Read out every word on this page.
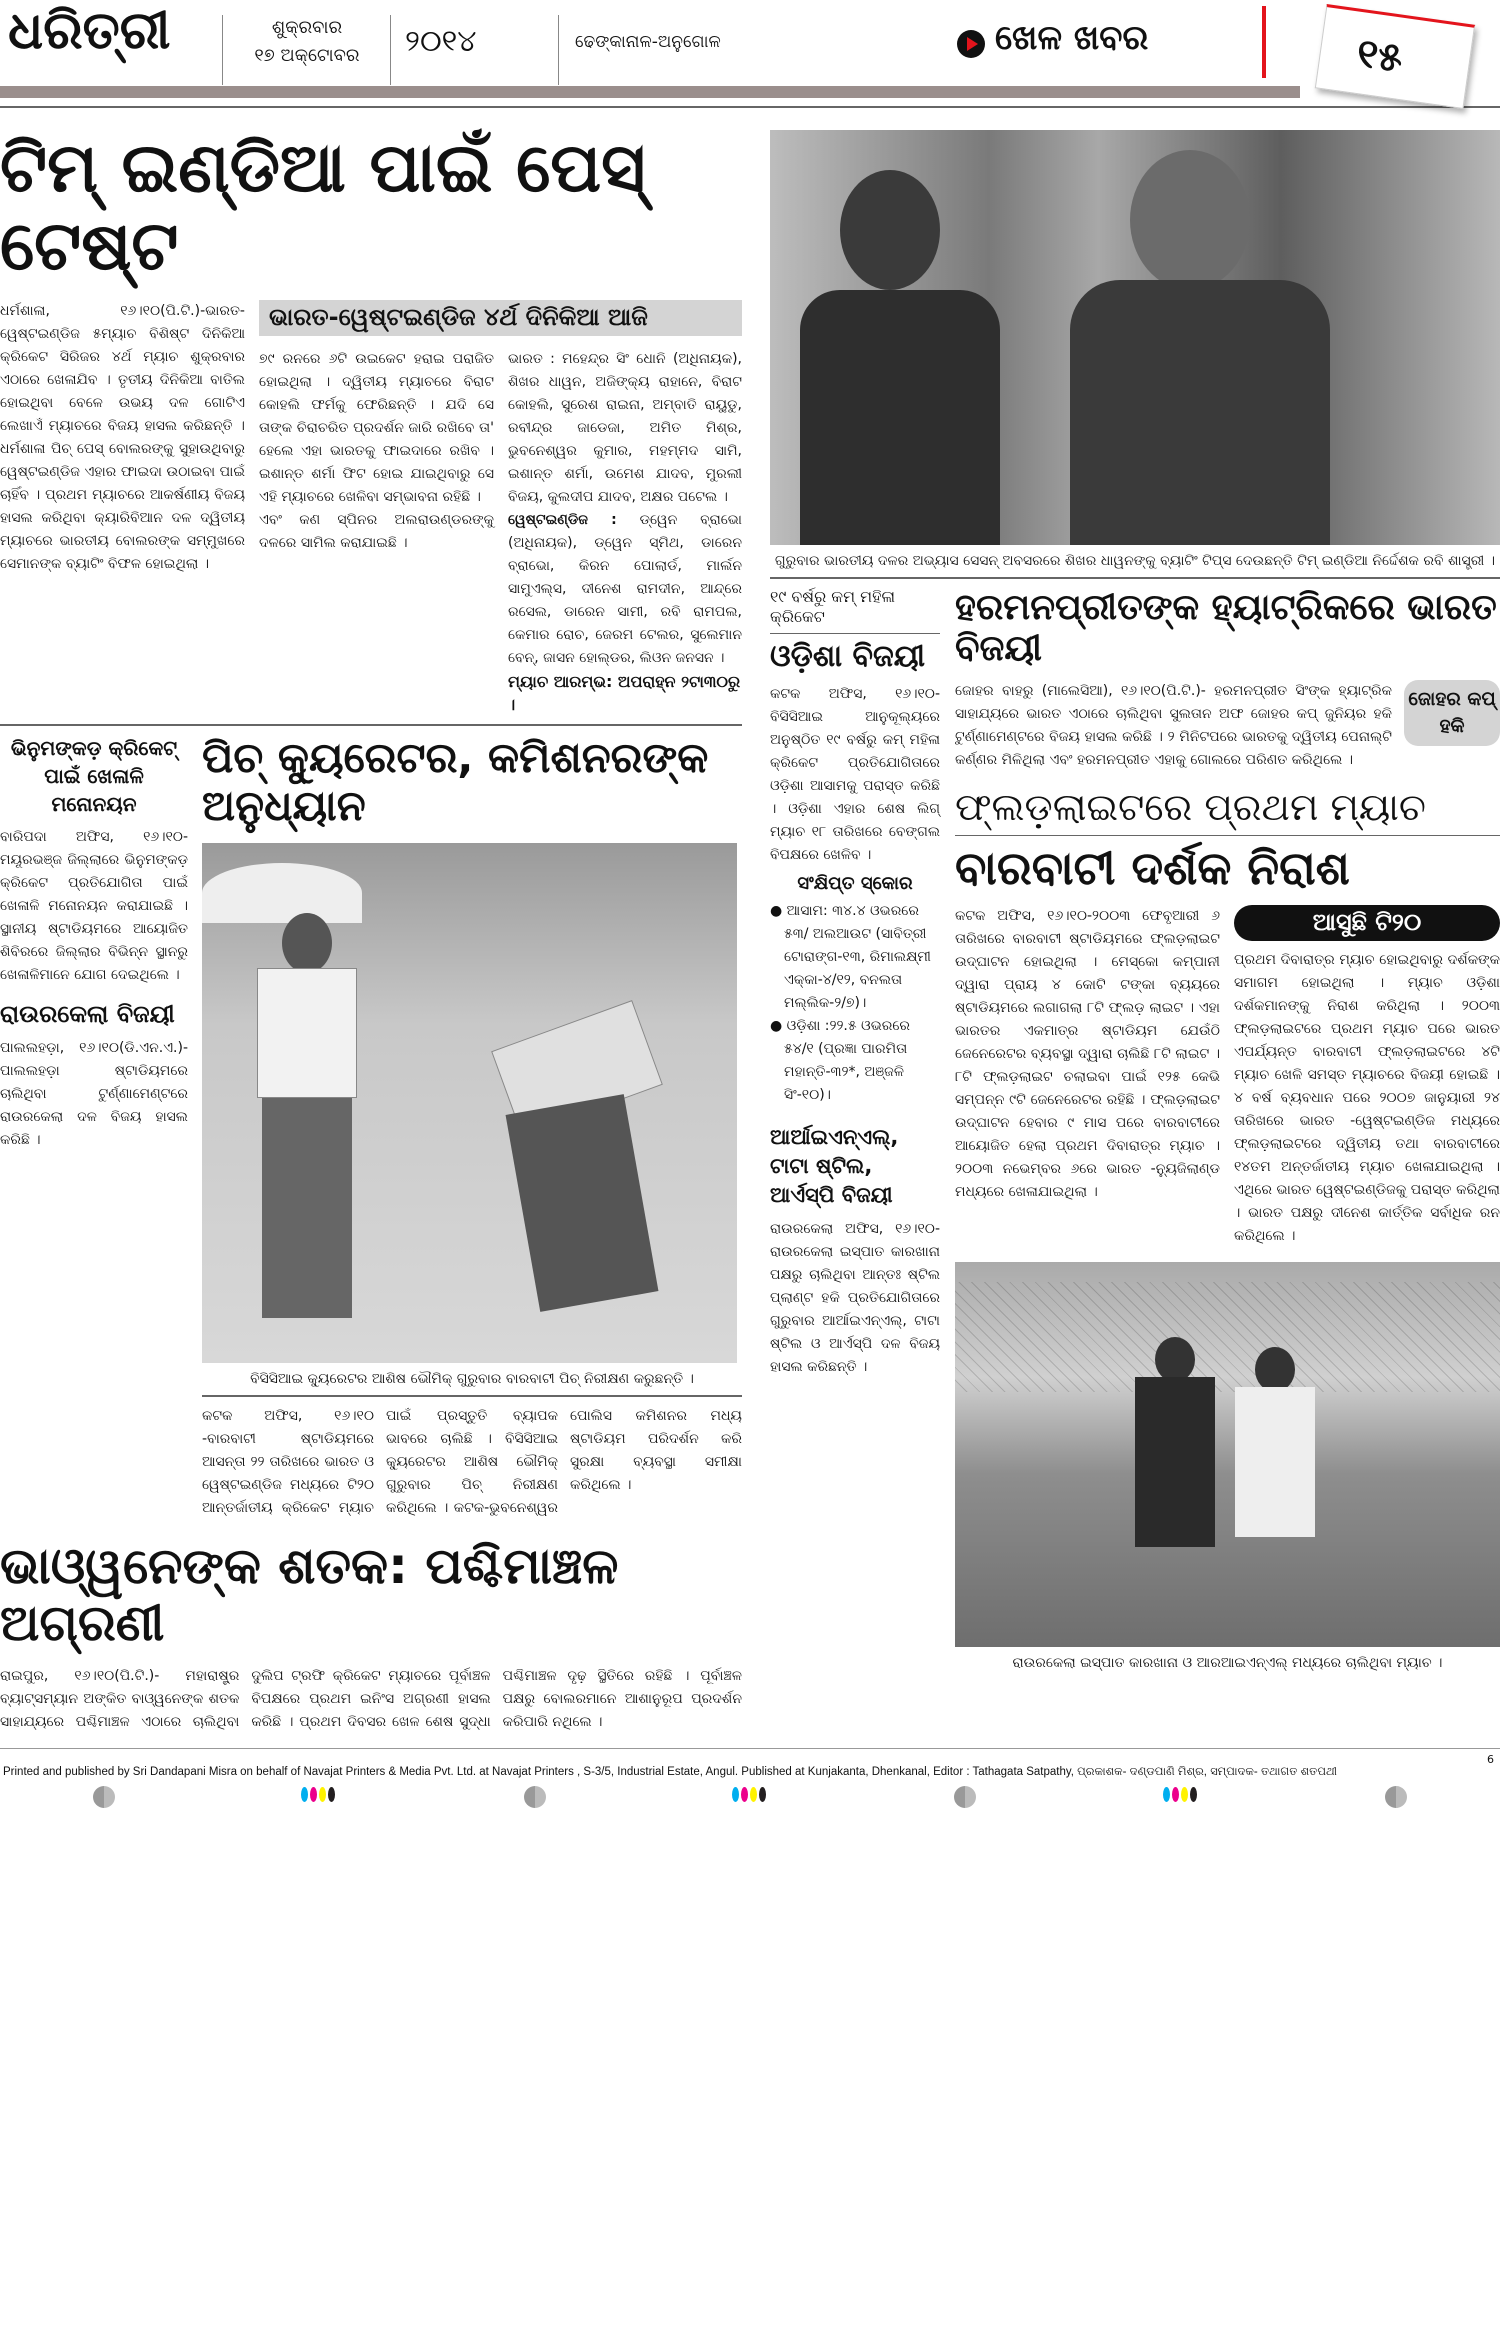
ଧରିତ୍ରୀ	ଶୁକ୍ରବାର
୧୭ ଅକ୍ଟୋବର	୨୦୧୪	ଢେଙ୍କାନାଳ-ଅନୁଗୋଳ	ଖେଳ ଖବର	୧୫
ଟିମ୍ ଇଣ୍ଡିଆ ପାଇଁ ପେସ୍ ଟେଷ୍ଟ

ଧର୍ମଶାଳା, ୧୬।୧୦(ପି.ଟି.)-ଭାରତ-ୱେଷ୍ଟଇଣ୍ଡିଜ ୫ମ୍ୟାଚ ବିଶିଷ୍ଟ ଦିନିକିଆ କ୍ରିକେଟ ସିରିଜର ୪ର୍ଥ ମ୍ୟାଚ ଶୁକ୍ରବାର ଏଠାରେ ଖେଳାଯିବ । ତୃତୀୟ ଦିନିକିଆ ବାତିଲ ହୋଇଥିବା ବେଳେ ଉଭୟ ଦଳ ଗୋଟିଏ ଲେଖାଏଁ ମ୍ୟାଚରେ ବିଜୟ ହାସଲ କରିଛନ୍ତି । ଧର୍ମଶାଳା ପିଚ୍ ପେସ୍ ବୋଲରଙ୍କୁ ସୁହାଉଥିବାରୁ ୱେଷ୍ଟଇଣ୍ଡିଜ ଏହାର ଫାଇଦା ଉଠାଇବା ପାଇଁ ଚାହିଁବ । ପ୍ରଥମ ମ୍ୟାଚରେ ଆକର୍ଷଣୀୟ ବିଜୟ ହାସଲ କରିଥିବା କ୍ୟାରିବିଆନ ଦଳ ଦ୍ୱିତୀୟ ମ୍ୟାଚରେ ଭାରତୀୟ ବୋଲରଙ୍କ ସମ୍ମୁଖରେ ସେମାନଙ୍କ ବ୍ୟାଟିଂ ବିଫଳ ହୋଇଥିଲା ।

ଭାରତ-ୱେଷ୍ଟଇଣ୍ଡିଜ ୪ର୍ଥ ଦିନିକିଆ ଆଜି

୭୯ ରନରେ ୬ଟି ଉଇକେଟ ହରାଇ ପରାଜିତ ହୋଇଥିଲା । ଦ୍ୱିତୀୟ ମ୍ୟାଚରେ ବିରାଟ କୋହଲି ଫର୍ମକୁ ଫେରିଛନ୍ତି । ଯଦି ସେ ତାଙ୍କ ଚିରାଚରିତ ପ୍ରଦର୍ଶନ ଜାରି ରଖିବେ ତା' ହେଲେ ଏହା ଭାରତକୁ ଫାଇଦାରେ ରଖିବ । ଇଶାନ୍ତ ଶର୍ମା ଫିଟ ହୋଇ ଯାଇଥିବାରୁ ସେ ଏହି ମ୍ୟାଚରେ ଖେଳିବା ସମ୍ଭାବନା ରହିଛି ।

ଏବଂ କଣ ସ୍ପିନର ଅଲରାଉଣ୍ଡରଙ୍କୁ ଦଳରେ ସାମିଲ କରାଯାଇଛି ।

ଭାରତ : ମହେନ୍ଦ୍ର ସିଂ ଧୋନି (ଅଧିନାୟକ), ଶିଖର ଧାୱନ, ଅଜିଙ୍କ୍ୟ ରାହାନେ, ବିରାଟ କୋହଲି, ସୁରେଶ ରାଇନା, ଅମ୍ବାତି ରାୟୁଡୁ, ରବୀନ୍ଦ୍ର ଜାଡେଜା, ଅମିତ ମିଶ୍ର, ଭୁବନେଶ୍ୱର କୁମାର, ମହମ୍ମଦ ସାମି, ଇଶାନ୍ତ ଶର୍ମା, ଉମେଶ ଯାଦବ, ମୁରଲୀ ବିଜୟ, କୁଲଦୀପ ଯାଦବ, ଅକ୍ଷର ପଟେଲ ।

ୱେଷ୍ଟଇଣ୍ଡିଜ : ଡ୍ୱେନ ବ୍ରାଭୋ (ଅଧିନାୟକ), ଡ୍ୱେନ ସ୍ମିଥ, ଡାରେନ ବ୍ରାଭୋ, କିରନ ପୋଲାର୍ଡ, ମାର୍ଲନ ସାମୁଏଲ୍ସ, ଦୀନେଶ ରାମଦୀନ, ଆନ୍ଦ୍ରେ ରସେଲ, ଡାରେନ ସାମୀ, ରବି ରାମପଲ, କେମାର ରୋଚ, ଜେରମ ଟେଲର, ସୁଲେମାନ ବେନ୍, ଜାସନ ହୋଲ୍ଡର, ଲିଓନ ଜନସନ ।

ମ୍ୟାଚ ଆରମ୍ଭ: ଅପରାହ୍ନ ୨ଟା୩୦ରୁ ।

ଭିନୁମଙ୍କଡ଼ କ୍ରିକେଟ୍ ପାଇଁ ଖେଳାଳି ମନୋନୟନ
ବାରିପଦା ଅଫିସ, ୧୬।୧୦- ମୟୂରଭଞ୍ଜ ଜିଲ୍ଲାରେ ଭିନୁମଙ୍କଡ଼ କ୍ରିକେଟ ପ୍ରତିଯୋଗିତା ପାଇଁ ଖେଳାଳି ମନୋନୟନ କରାଯାଇଛି । ସ୍ଥାନୀୟ ଷ୍ଟାଡିୟମରେ ଆୟୋଜିତ ଶିବିରରେ ଜିଲ୍ଲାର ବିଭିନ୍ନ ସ୍ଥାନରୁ ଖେଳାଳିମାନେ ଯୋଗ ଦେଇଥିଲେ ।
ରାଉରକେଲା ବିଜୟୀ
ପାଲଲହଡ଼ା, ୧୬।୧୦(ଡି.ଏନ.ଏ.)- ପାଲଲହଡ଼ା ଷ୍ଟାଡିୟମରେ ଚାଲିଥିବା ଟୁର୍ଣ୍ଣାମେଣ୍ଟରେ ରାଉରକେଲା ଦଳ ବିଜୟ ହାସଲ କରିଛି ।
ପିଚ୍ କ୍ୟୁରେଟର, କମିଶନରଙ୍କ ଅନୁଧ୍ୟାନ
ବିସିସିଆଇ କ୍ୟୁରେଟର ଆଶିଷ ଭୌମିକ୍ ଗୁରୁବାର ବାରବାଟୀ ପିଚ୍ ନିରୀକ୍ଷଣ କରୁଛନ୍ତି ।
କଟକ ଅଫିସ, ୧୬।୧୦ -ବାରବାଟୀ ଷ୍ଟାଡିୟମରେ ଆସନ୍ତା ୨୨ ତାରିଖରେ ଭାରତ ଓ ୱେଷ୍ଟଇଣ୍ଡିଜ ମଧ୍ୟରେ ଟି୨୦ ଆନ୍ତର୍ଜାତୀୟ କ୍ରିକେଟ ମ୍ୟାଚ ପାଇଁ ପ୍ରସ୍ତୁତି ବ୍ୟାପକ ଭାବରେ ଚାଲିଛି । ବିସିସିଆଇ କ୍ୟୁରେଟର ଆଶିଷ ଭୌମିକ୍ ଗୁରୁବାର ପିଚ୍ ନିରୀକ୍ଷଣ କରିଥିଲେ । କଟକ-ଭୁବନେଶ୍ୱର ପୋଲିସ କମିଶନର ମଧ୍ୟ ଷ୍ଟାଡିୟମ ପରିଦର୍ଶନ କରି ସୁରକ୍ଷା ବ୍ୟବସ୍ଥା ସମୀକ୍ଷା କରିଥିଲେ ।
ଭାଓ୍ୱନେଙ୍କ ଶତକ: ପଶ୍ଚିମାଞ୍ଚଳ ଅଗ୍ରଣୀ
ରାଇପୁର, ୧୬।୧୦(ପି.ଟି.)- ମହାରାଷ୍ଟ୍ର ବ୍ୟାଟ୍ସମ୍ୟାନ ଅଙ୍କିତ ବାଓ୍ୱନେଙ୍କ ଶତକ ସାହାଯ୍ୟରେ ପଶ୍ଚିମାଞ୍ଚଳ ଏଠାରେ ଚାଲିଥିବା ଦୁଲିପ ଟ୍ରଫି କ୍ରିକେଟ ମ୍ୟାଚରେ ପୂର୍ବାଞ୍ଚଳ ବିପକ୍ଷରେ ପ୍ରଥମ ଇନିଂସ ଅଗ୍ରଣୀ ହାସଲ କରିଛି । ପ୍ରଥମ ଦିବସର ଖେଳ ଶେଷ ସୁଦ୍ଧା ପଶ୍ଚିମାଞ୍ଚଳ ଦୃଢ଼ ସ୍ଥିତିରେ ରହିଛି । ପୂର୍ବାଞ୍ଚଳ ପକ୍ଷରୁ ବୋଲରମାନେ ଆଶାନୁରୂପ ପ୍ରଦର୍ଶନ କରିପାରି ନଥିଲେ ।
ଗୁରୁବାର ଭାରତୀୟ ଦଳର ଅଭ୍ୟାସ ସେସନ୍ ଅବସରରେ ଶିଖର ଧାୱନଙ୍କୁ ବ୍ୟାଟିଂ ଟିପ୍ସ ଦେଉଛନ୍ତି ଟିମ୍ ଇଣ୍ଡିଆ ନିର୍ଦ୍ଦେଶକ ରବି ଶାସ୍ତ୍ରୀ ।
୧୯ ବର୍ଷରୁ କମ୍ ମହିଳା କ୍ରିକେଟ
ଓଡ଼ିଶା ବିଜୟୀ

କଟକ ଅଫିସ, ୧୬।୧୦- ବିସିସିଆଇ ଆନୁକୂଲ୍ୟରେ ଅନୁଷ୍ଠିତ ୧୯ ବର୍ଷରୁ କମ୍ ମହିଳା କ୍ରିକେଟ ପ୍ରତିଯୋଗିତାରେ ଓଡ଼ିଶା ଆସାମକୁ ପରାସ୍ତ କରିଛି । ଓଡ଼ିଶା ଏହାର ଶେଷ ଲିଗ୍ ମ୍ୟାଚ ୧୮ ତାରିଖରେ ବେଙ୍ଗଲ ବିପକ୍ଷରେ ଖେଳିବ ।

ସଂକ୍ଷିପ୍ତ ସ୍କୋର

● ଆସାମ: ୩୪.୪ ଓଭରରେ ୫୩/ ଅଲଆଉଟ (ସାବିତ୍ରୀ ଟୋରାଙ୍ଗ-୧୩, ରିମାଲକ୍ଷ୍ମୀ ଏକ୍କା-୪/୧୨, ବନଲତା ମଲ୍ଲିକ-୨/୭)।

● ଓଡ଼ିଶା :୨୨.୫ ଓଭରରେ ୫୪/୧ (ପ୍ରଜ୍ଞା ପାରମିତା ମହାନ୍ତି-୩୨*, ଅଞ୍ଜଳି ସିଂ-୧୦)।

ଆର୍ଆଇଏନ୍ଏଲ୍, ଟାଟା ଷ୍ଟିଲ, ଆର୍ଏସ୍ପି ବିଜୟୀ
ରାଉରକେଲା ଅଫିସ, ୧୬।୧୦- ରାଉରକେଲା ଇସ୍ପାତ କାରଖାନା ପକ୍ଷରୁ ଚାଲିଥିବା ଆନ୍ତଃ ଷ୍ଟିଲ ପ୍ଲାଣ୍ଟ ହକି ପ୍ରତିଯୋଗିତାରେ ଗୁରୁବାର ଆର୍ଆଇଏନ୍ଏଲ୍, ଟାଟା ଷ୍ଟିଲ ଓ ଆର୍ଏସ୍ପି ଦଳ ବିଜୟ ହାସଲ କରିଛନ୍ତି ।
ହରମନପ୍ରୀତଙ୍କ ହ୍ୟାଟ୍ରିକରେ ଭାରତ ବିଜୟୀ
ଜୋହର କପ୍ ହକି
ଜୋହର ବାହରୁ (ମାଲେସିଆ), ୧୬।୧୦(ପି.ଟି.)- ହରମନପ୍ରୀତ ସିଂଙ୍କ ହ୍ୟାଟ୍ରିକ ସାହାଯ୍ୟରେ ଭାରତ ଏଠାରେ ଚାଲିଥିବା ସୁଲତାନ ଅଫ ଜୋହର କପ୍ ଜୁନିୟର ହକି ଟୁର୍ଣ୍ଣାମେଣ୍ଟରେ ବିଜୟ ହାସଲ କରିଛି । ୨ ମିନିଟପରେ ଭାରତକୁ ଦ୍ୱିତୀୟ ପେନାଲ୍ଟି କର୍ଣ୍ଣର ମିଳିଥିଲା ଏବଂ ହରମନପ୍ରୀତ ଏହାକୁ ଗୋଲରେ ପରିଣତ କରିଥିଲେ ।
ଫ୍ଲଡ଼ଲାଇଟରେ ପ୍ରଥମ ମ୍ୟାଚ
ବାରବାଟୀ ଦର୍ଶକ ନିରାଶ
କଟକ ଅଫିସ, ୧୬।୧୦-୨୦୦୩ ଫେବୃଆରୀ ୬ ତାରିଖରେ ବାରବାଟୀ ଷ୍ଟାଡିୟମରେ ଫ୍ଲଡ଼ଲାଇଟ ଉଦ୍‌ଘାଟନ ହୋଇଥିଲା । ମେସ୍କୋ କମ୍ପାନୀ ଦ୍ୱାରା ପ୍ରାୟ ୪ କୋଟି ଟଙ୍କା ବ୍ୟୟରେ ଷ୍ଟାଡିୟମରେ ଲଗାଗଲା ୮ଟି ଫ୍ଲଡ଼ ଲାଇଟ । ଏହା ଭାରତର ଏକମାତ୍ର ଷ୍ଟାଡିୟମ ଯେଉଁଠି ଜେନେରେଟର ବ୍ୟବସ୍ଥା ଦ୍ୱାରା ଚାଲିଛି ୮ଟି ଲାଇଟ । ୮ଟି ଫ୍ଲଡ଼ଲାଇଟ ଚଲାଇବା ପାଇଁ ୧୨୫ କେଭି ସମ୍ପନ୍ନ ୯ଟି ଜେନେରେଟର ରହିଛି । ଫ୍ଲଡ଼ଲାଇଟ ଉଦ୍‌ଘାଟନ ହେବାର ୯ ମାସ ପରେ ବାରବାଟୀରେ ଆୟୋଜିତ ହେଲା ପ୍ରଥମ ଦିବାରାତ୍ର ମ୍ୟାଚ । ୨୦୦୩ ନଭେମ୍ବର ୬ରେ ଭାରତ -ନ୍ୟୁଜିଲାଣ୍ଡ ମଧ୍ୟରେ ଖେଳାଯାଇଥିଲା ।
ଆସୁଛି ଟି୨୦
ପ୍ରଥମ ଦିବାରାତ୍ର ମ୍ୟାଚ ହୋଇଥିବାରୁ ଦର୍ଶକଙ୍କ ସମାଗମ ହୋଇଥିଲା । ମ୍ୟାଚ ଓଡ଼ିଶା ଦର୍ଶକମାନଙ୍କୁ ନିରାଶ କରିଥିଲା । ୨୦୦୩ ଫ୍ଲଡ଼ଲାଇଟରେ ପ୍ରଥମ ମ୍ୟାଚ ପରେ ଭାରତ ଏପର୍ଯ୍ୟନ୍ତ ବାରବାଟୀ ଫ୍ଲଡ଼ଲାଇଟରେ ୪ଟି ମ୍ୟାଚ ଖେଳି ସମସ୍ତ ମ୍ୟାଚରେ ବିଜୟୀ ହୋଇଛି । ୪ ବର୍ଷ ବ୍ୟବଧାନ ପରେ ୨୦୦୭ ଜାନୁୟାରୀ ୨୪ ତାରିଖରେ ଭାରତ -ୱେଷ୍ଟଇଣ୍ଡିଜ ମଧ୍ୟରେ ଫ୍ଲଡ଼ଲାଇଟରେ ଦ୍ୱିତୀୟ ତଥା ବାରବାଟୀରେ ୧୪ତମ ଅନ୍ତର୍ଜାତୀୟ ମ୍ୟାଚ ଖେଳାଯାଇଥିଲା । ଏଥିରେ ଭାରତ ୱେଷ୍ଟଇଣ୍ଡିଜକୁ ପରାସ୍ତ କରିଥିଲା । ଭାରତ ପକ୍ଷରୁ ଦୀନେଶ କାର୍ତ୍ତିକ ସର୍ବାଧିକ ରନ କରିଥିଲେ ।
ରାଉରକେଲା ଇସ୍ପାତ କାରଖାନା ଓ ଆରଆଇଏନ୍ଏଲ୍ ମଧ୍ୟରେ ଚାଲିଥିବା ମ୍ୟାଚ ।
6
Printed and published by Sri Dandapani Misra on behalf of Navajat Printers & Media Pvt. Ltd. at Navajat Printers , S-3/5, Industrial Estate, Angul. Published at Kunjakanta, Dhenkanal, Editor : Tathagata Satpathy, ପ୍ରକାଶକ- ଦଣ୍ଡପାଣି ମିଶ୍ର, ସମ୍ପାଦକ- ତଥାଗତ ଶତପଥୀ
